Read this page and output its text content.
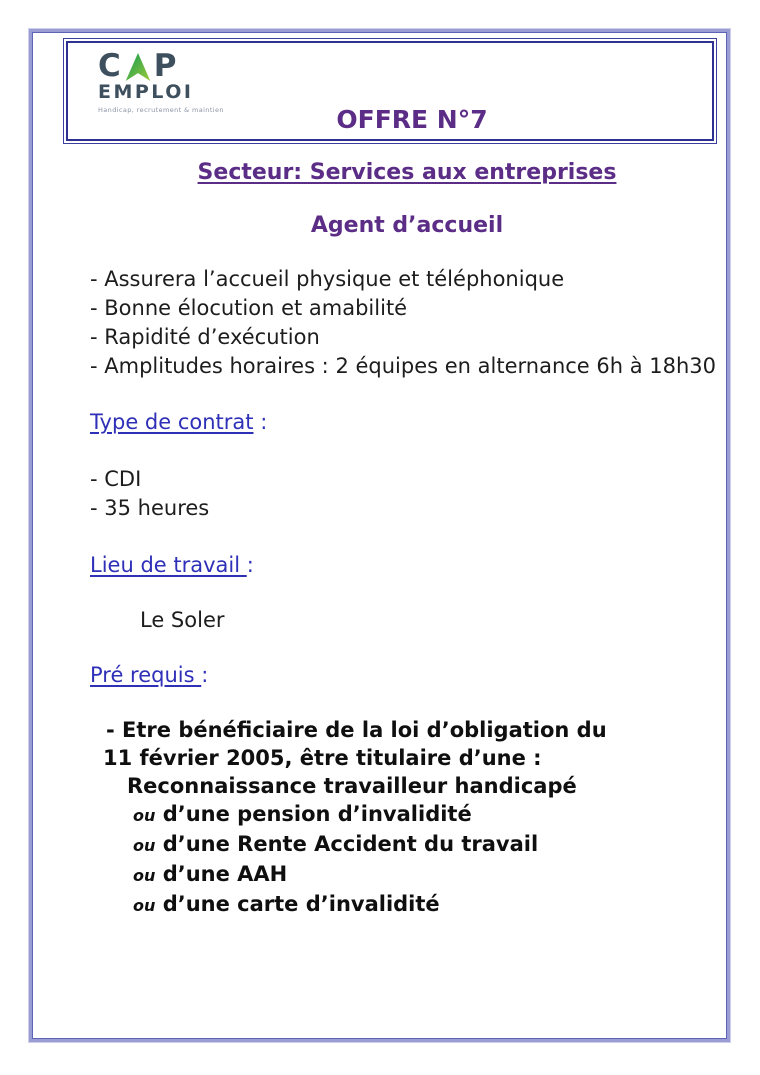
C P
EMPLOI
Handicap, recrutement & maintien	OFFRE N°7
Secteur: Services aux entreprises
Agent d’accueil
- Assurera l’accueil physique et téléphonique
- Bonne élocution et amabilité
- Rapidité d’exécution
- Amplitudes horaires : 2 équipes en alternance 6h à 18h30
Type de contrat :
- CDI
- 35 heures
Lieu de travail :
Le Soler
Pré requis :
- Etre bénéficiaire de la loi d’obligation du
11 février 2005, être titulaire d’une :
Reconnaissance travailleur handicapé
ou d’une pension d’invalidité
ou d’une Rente Accident du travail
ou d’une AAH
ou d’une carte d’invalidité
